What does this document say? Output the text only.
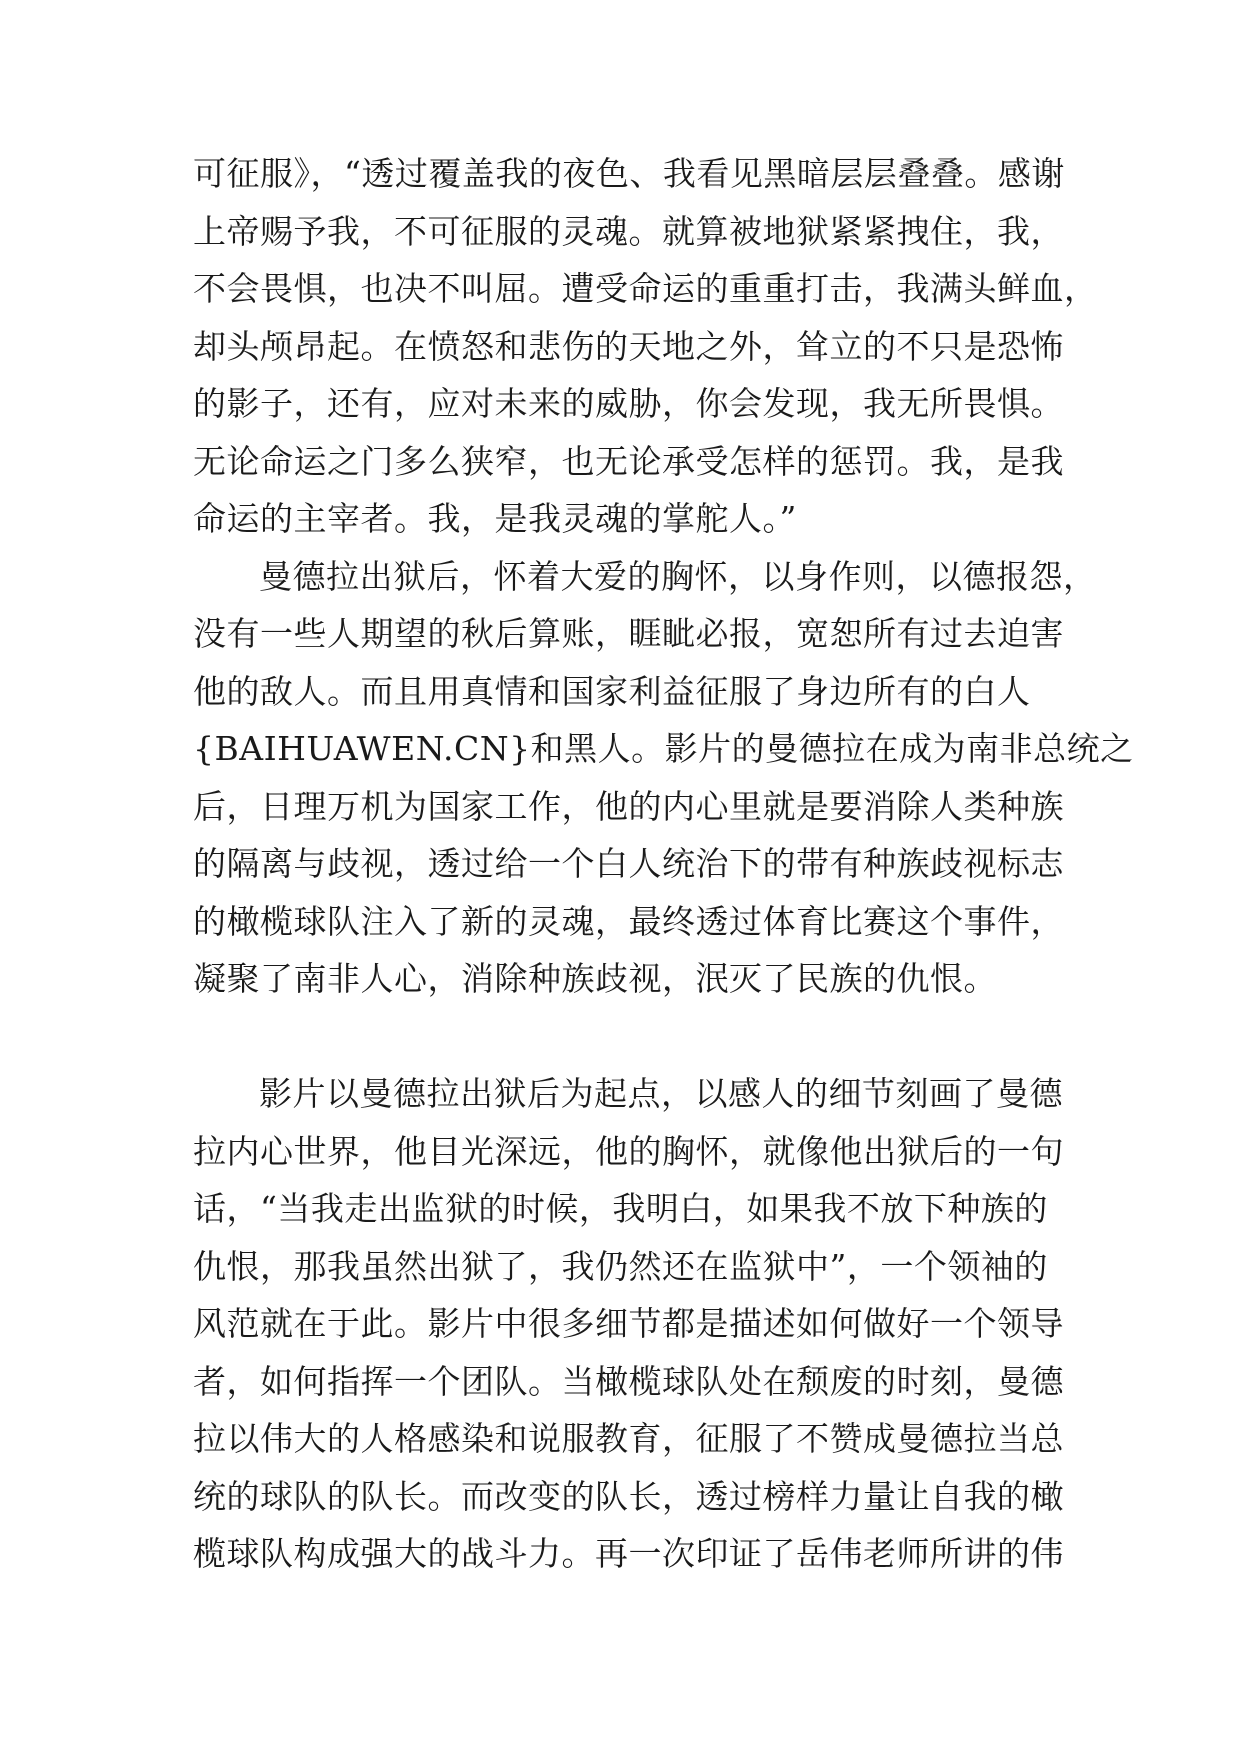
可征服》，“透过覆盖我的夜色、我看见黑暗层层叠叠。感谢
上帝赐予我，不可征服的灵魂。就算被地狱紧紧拽住，我，
不会畏惧，也决不叫屈。遭受命运的重重打击，我满头鲜血，
却头颅昂起。在愤怒和悲伤的天地之外，耸立的不只是恐怖
的影子，还有，应对未来的威胁，你会发现，我无所畏惧。
无论命运之门多么狭窄，也无论承受怎样的惩罚。我，是我
命运的主宰者。我，是我灵魂的掌舵人。”
曼德拉出狱后，怀着大爱的胸怀，以身作则，以德报怨，
没有一些人期望的秋后算账，睚眦必报，宽恕所有过去迫害
他的敌人。而且用真情和国家利益征服了身边所有的白人
{BAIHUAWEN.CN}和黑人。影片的曼德拉在成为南非总统之
后，日理万机为国家工作，他的内心里就是要消除人类种族
的隔离与歧视，透过给一个白人统治下的带有种族歧视标志
的橄榄球队注入了新的灵魂，最终透过体育比赛这个事件，
凝聚了南非人心，消除种族歧视，泯灭了民族的仇恨。
影片以曼德拉出狱后为起点，以感人的细节刻画了曼德
拉内心世界，他目光深远，他的胸怀，就像他出狱后的一句
话，“当我走出监狱的时候，我明白，如果我不放下种族的
仇恨，那我虽然出狱了，我仍然还在监狱中”，一个领袖的
风范就在于此。影片中很多细节都是描述如何做好一个领导
者，如何指挥一个团队。当橄榄球队处在颓废的时刻，曼德
拉以伟大的人格感染和说服教育，征服了不赞成曼德拉当总
统的球队的队长。而改变的队长，透过榜样力量让自我的橄
榄球队构成强大的战斗力。再一次印证了岳伟老师所讲的伟
